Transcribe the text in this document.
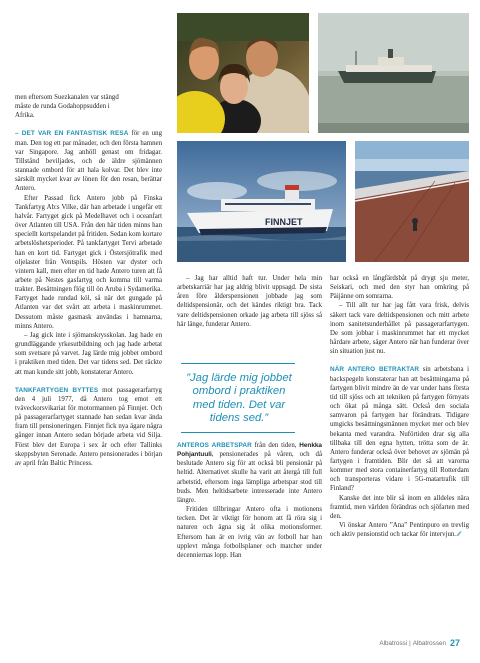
FINNJET

men eftersom Suezkanalen var stängd måste de runda Godahoppsudden i Afrika.

– DET VAR EN FANTASTISK RESA för en ung man. Den tog ett par månader, och den första hamnen var Singapore. Jag anhöll genast om fridagar. Tillstånd beviljades, och de äldre sjömännen stannade ombord för att hala kolvar. Det blev inte särskilt mycket kvar av lönen för den resan, berättar Antero.

Efter Passad fick Antero jobb på Finska Tankfartyg Ab:s Vilke, där han arbetade i ungefär ett halvår. Fartyget gick på Medelhavet och i oceanfart över Atlanten till USA. Från den här tiden minns han speciellt kortspelandet på fritiden. Sedan kom kortare arbetslöshetsperioder. På tankfartyget Tervi arbetade han en kort tid. Fartyget gick i Östersjötrafik med oljelaster från Ventspils. Hösten var dyster och vintern kall, men efter en tid hade Antero turen att få arbete på Nestes gasfartyg och komma till varma trakter. Besättningen flög till ön Aruba i Sydamerika. Fartyget hade rundad kól, så när det gungade på Atlanten var det svårt att arbeta i maskinrummet. Dessutom måste gasmask användas i hamnarna, minns Antero.

– Jag gick inte i sjömanskrysskolan. Jag hade en grundläggande yrkesutbildning och jag hade arbetat som svetsare på varvet. Jag lärde mig jobbet ombord i praktiken med tiden. Det var tidens sed. Det räckte att man kunde sitt jobb, konstaterar Antero.

TANKFARTYGEN BYTTES mot passagerarfartyg den 4 juli 1977, då Antero tog emot ett tväveckorsvikariat för motormannen på Finnjet. Och på passagerarfartyget stannade han sedan kvar ända fram till pensioneringen. Finnjet fick nya ägare några gånger innan Antero sedan började arbeta vid Silja. Först blev det Europa i sex år och efter Tallinks skeppsbyten Serenade. Antero pensionerades i början av april från Baltic Princess.

– Jag har alltid haft tur. Under hela min arbetskarriär har jag aldrig blivit uppsagd. De sista åren före ålderspensionen jobbade jag som deltidspensionär, och det kändes riktigt bra. Tack vare deltidspensionen orkade jag arbeta till sjöss så här länge, funderar Antero.

”Jag lärde mig jobbet ombord i praktiken med tiden. Det var tidens sed.”

ANTEROS ARBETSPAR från den tiden, Henkka Pohjantuuli, pensionerades på våren, och då beslutade Antero sig för att också bli pensionär på heltid. Alternativet skulle ha varit att återgå till full arbetstid, eftersom inga lämpliga arbetspar stod till buds. Men heltidsarbete intresserade inte Antero längre.

Fritiden tillbringar Antero ofta i motionens tecken. Det är viktigt för honom att få röra sig i naturen och ägna sig åt olika motionsformer. Eftersom han är en ivrig vän av fotboll har han upplevt många fotbollsplaner och matcher under decenniernas lopp. Han

har också en långfärdsbåt på drygt sju meter, Seiskari, och med den styr han omkring på Päijänne om somrarna.

– Till allt tur har jag fått vara frisk, delvis säkert tack vare deltidspensionen och mitt arbete inom sanitetsunderhållet på passagerarfartygen. De som jobbar i maskinrummet har ett mycket hårdare arbete, säger Antero när han funderar över sin situation just nu.

NÄR ANTERO BETRAKTAR sin arbetsbana i backspegeln konstaterar han att besättningarna på fartygen blivit mindre än de var under hans första tid till sjöss och att tekniken på fartygen förnyats och ökat på många sätt. Också den sociala samvaron på fartygen har förändrats. Tidigare umgicks besättningsmännen mycket mer och blev bekanta med varandra. Nuförtiden drar sig alla tillbaka till den egna hytten, trötta som de är. Antero funderar också över behovet av sjömän på fartygen i framtiden. Blir det så att varorna kommer med stora containerfartyg till Rotterdam och transporteras vidare i 5G-matartrafik till Finland?

Kanske det inte blir så inom en alldeles nära framtid, men världen förändras och sjöfarten med den.

Vi önskar Antero ”Ana” Pentinpuro en trevlig och aktiv pensionstid och tackar för intervjun. ⁄⁄

Albatrossi | Albatrossen 27
